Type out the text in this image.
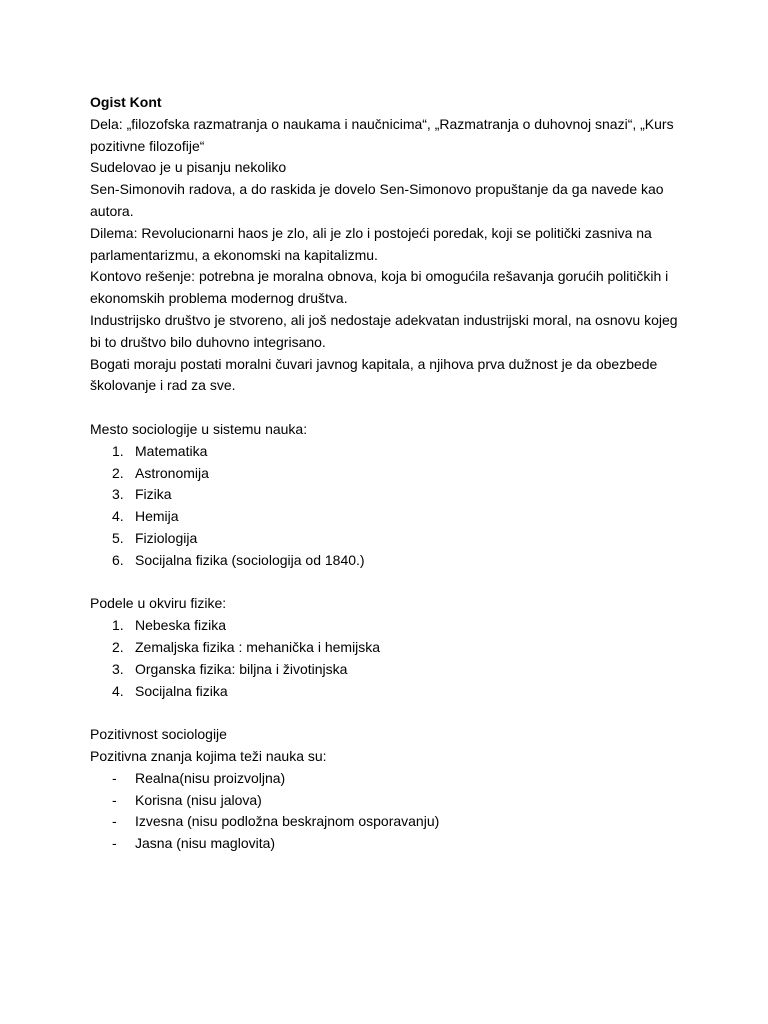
Ogist Kont

Dela: „filozofska razmatranja o naukama i naučnicima“, „Razmatranja o duhovnoj snazi“, „Kurs pozitivne filozofije“

Sudelovao je u pisanju nekoliko

Sen-Simonovih radova, a do raskida je dovelo Sen-Simonovo propuštanje da ga navede kao autora.

Dilema: Revolucionarni haos je zlo, ali je zlo i postojeći poredak, koji se politički zasniva na parlamentarizmu, a ekonomski na kapitalizmu.

Kontovo rešenje: potrebna je moralna obnova, koja bi omogućila rešavanja gorućih političkih i ekonomskih problema modernog društva.

Industrijsko društvo je stvoreno, ali još nedostaje adekvatan industrijski moral, na osnovu kojeg bi to društvo bilo duhovno integrisano.

Bogati moraju postati moralni čuvari javnog kapitala, a njihova prva dužnost je da obezbede školovanje i rad za sve.

Mesto sociologije u sistemu nauka:

1. Matematika
2. Astronomija
3. Fizika
4. Hemija
5. Fiziologija
6. Socijalna fizika (sociologija od 1840.)

Podele u okviru fizike:

1. Nebeska fizika
2. Zemaljska fizika : mehanička i hemijska
3. Organska fizika: biljna i životinjska
4. Socijalna fizika

Pozitivnost sociologije

Pozitivna znanja kojima teži nauka su:

-	Realna(nisu proizvoljna)
-	Korisna (nisu jalova)
-	Izvesna (nisu podložna beskrajnom osporavanju)
-	Jasna (nisu maglovita)
